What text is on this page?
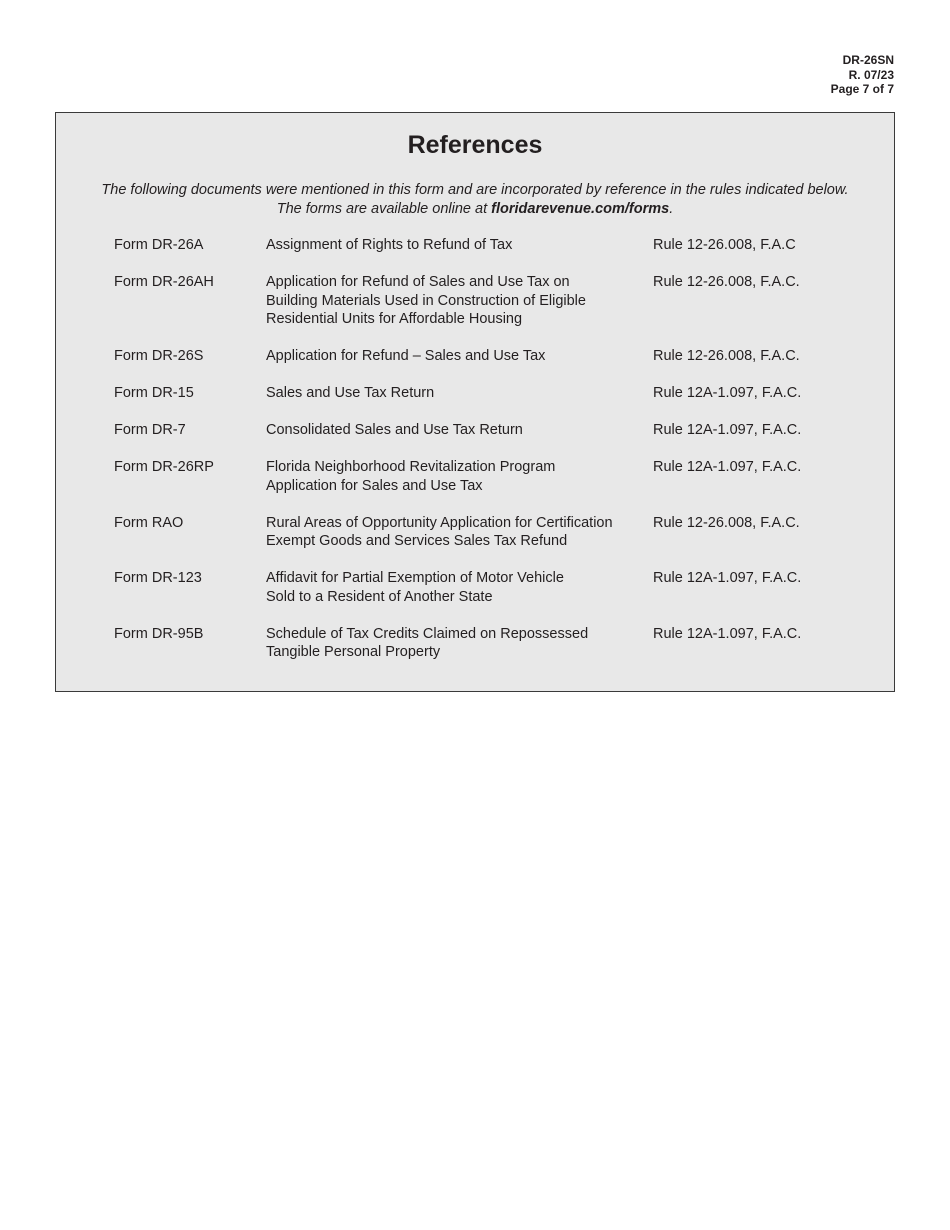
DR-26SN
R. 07/23
Page 7 of 7
References
The following documents were mentioned in this form and are incorporated by reference in the rules indicated below.
The forms are available online at floridarevenue.com/forms.
Form DR-26A	Assignment of Rights to Refund of Tax	Rule 12-26.008, F.A.C
Form DR-26AH	Application for Refund of Sales and Use Tax on
Building Materials Used in Construction of Eligible
Residential Units for Affordable Housing
Rule 12-26.008, F.A.C.
Form DR-26S	Application for Refund – Sales and Use Tax	Rule 12-26.008, F.A.C.
Form DR-15	Sales and Use Tax Return	Rule 12A-1.097, F.A.C.
Form DR-7	Consolidated Sales and Use Tax Return	Rule 12A-1.097, F.A.C.
Form DR-26RP	Florida Neighborhood Revitalization Program
Application for Sales and Use Tax
Rule 12A-1.097, F.A.C.
Form RAO	Rural Areas of Opportunity Application for Certification
Exempt Goods and Services Sales Tax Refund
Rule 12-26.008, F.A.C.
Form DR-123	Affidavit for Partial Exemption of Motor Vehicle
Sold to a Resident of Another State
Rule 12A-1.097, F.A.C.
Form DR-95B	Schedule of Tax Credits Claimed on Repossessed
Tangible Personal Property
Rule 12A-1.097, F.A.C.
